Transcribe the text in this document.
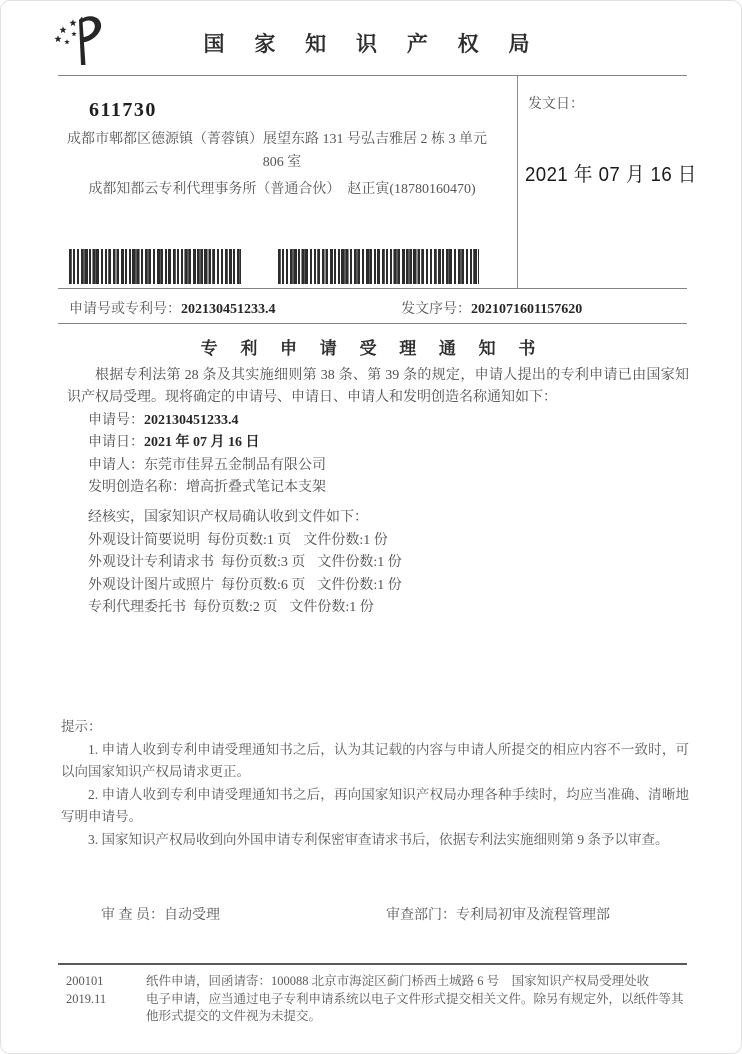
国 家 知 识 产 权 局
611730
成都市郫都区德源镇（菁蓉镇）展望东路 131 号弘吉雅居 2 栋 3 单元
806 室
成都知都云专利代理事务所（普通合伙）　赵正寅(18780160470)
发文日：
2021 年 07 月 16 日
申请号或专利号：202130451233.4	发文序号：2021071601157620
专 利 申 请 受 理 通 知 书

根据专利法第 28 条及其实施细则第 38 条、第 39 条的规定，申请人提出的专利申请已由国家知识产权局受理。现将确定的申请号、申请日、申请人和发明创造名称通知如下：

申请号：202130451233.4
申请日：2021 年 07 月 16 日
申请人：东莞市佳昇五金制品有限公司
发明创造名称：增高折叠式笔记本支架
经核实，国家知识产权局确认收到文件如下：
外观设计简要说明 每份页数:1 页 文件份数:1 份
外观设计专利请求书 每份页数:3 页 文件份数:1 份
外观设计图片或照片 每份页数:6 页 文件份数:1 份
专利代理委托书 每份页数:2 页 文件份数:1 份

提示：

1. 申请人收到专利申请受理通知书之后，认为其记载的内容与申请人所提交的相应内容不一致时，可以向国家知识产权局请求更正。

2. 申请人收到专利申请受理通知书之后，再向国家知识产权局办理各种手续时，均应当准确、清晰地写明申请号。

3. 国家知识产权局收到向外国申请专利保密审查请求书后，依据专利法实施细则第 9 条予以审查。

审 查 员：自动受理	审查部门：专利局初审及流程管理部
200101	纸件申请，回函请寄：100088 北京市海淀区蓟门桥西土城路 6 号　国家知识产权局受理处收
2019.11	电子申请，应当通过电子专利申请系统以电子文件形式提交相关文件。除另有规定外，以纸件等其他形式提交的文件视为未提交。
